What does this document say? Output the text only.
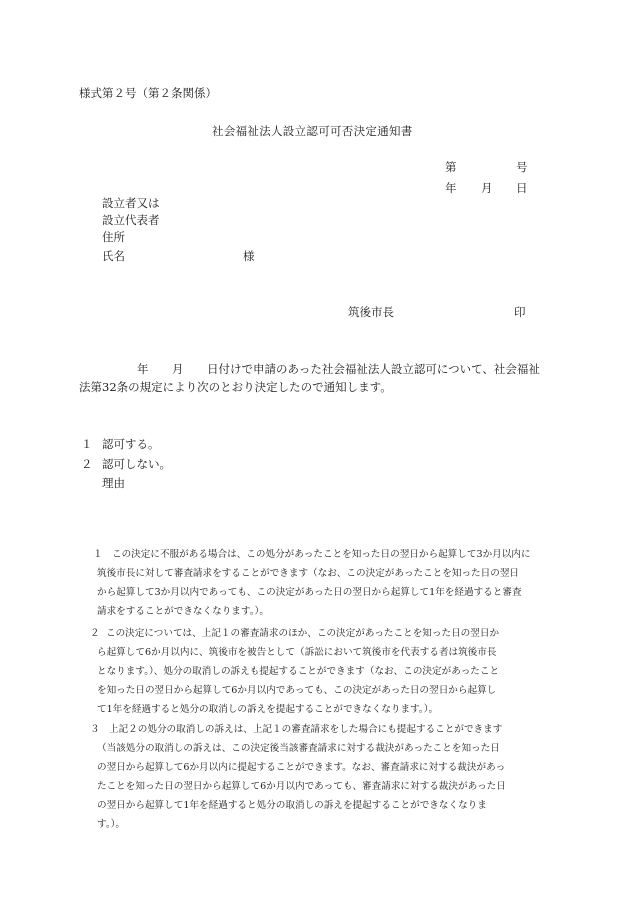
様式第２号（第２条関係）
社会福祉法人設立認可可否決定通知書
第	号
年 月 日
設立者又は
設立代表者
住所
氏名	様
筑後市長	印
年 月 日付けで申請のあった社会福祉法人設立認可について、社会福祉
法第32条の規定により次のとおり決定したので通知します。
１ 認可する。
２ 認可しない。
理由
１ この決定に不服がある場合は、この処分があったことを知った日の翌日から起算して3か月以内に
筑後市長に対して審査請求をすることができます（なお、この決定があったことを知った日の翌日
から起算して3か月以内であっても、この決定があった日の翌日から起算して1年を経過すると審査
請求をすることができなくなります。）。
２ この決定については、上記１の審査請求のほか、この決定があったことを知った日の翌日か
ら起算して6か月以内に、筑後市を被告として（訴訟において筑後市を代表する者は筑後市長
となります。）、処分の取消しの訴えも提起することができます（なお、この決定があったこと
を知った日の翌日から起算して6か月以内であっても、この決定があった日の翌日から起算し
て1年を経過すると処分の取消しの訴えを提起することができなくなります。）。
３ 上記２の処分の取消しの訴えは、上記１の審査請求をした場合にも提起することができます
（当該処分の取消しの訴えは、この決定後当該審査請求に対する裁決があったことを知った日
の翌日から起算して6か月以内に提起することができます。なお、審査請求に対する裁決があっ
たことを知った日の翌日から起算して6か月以内であっても、審査請求に対する裁決があった日
の翌日から起算して1年を経過すると処分の取消しの訴えを提起することができなくなりま
す。）。
